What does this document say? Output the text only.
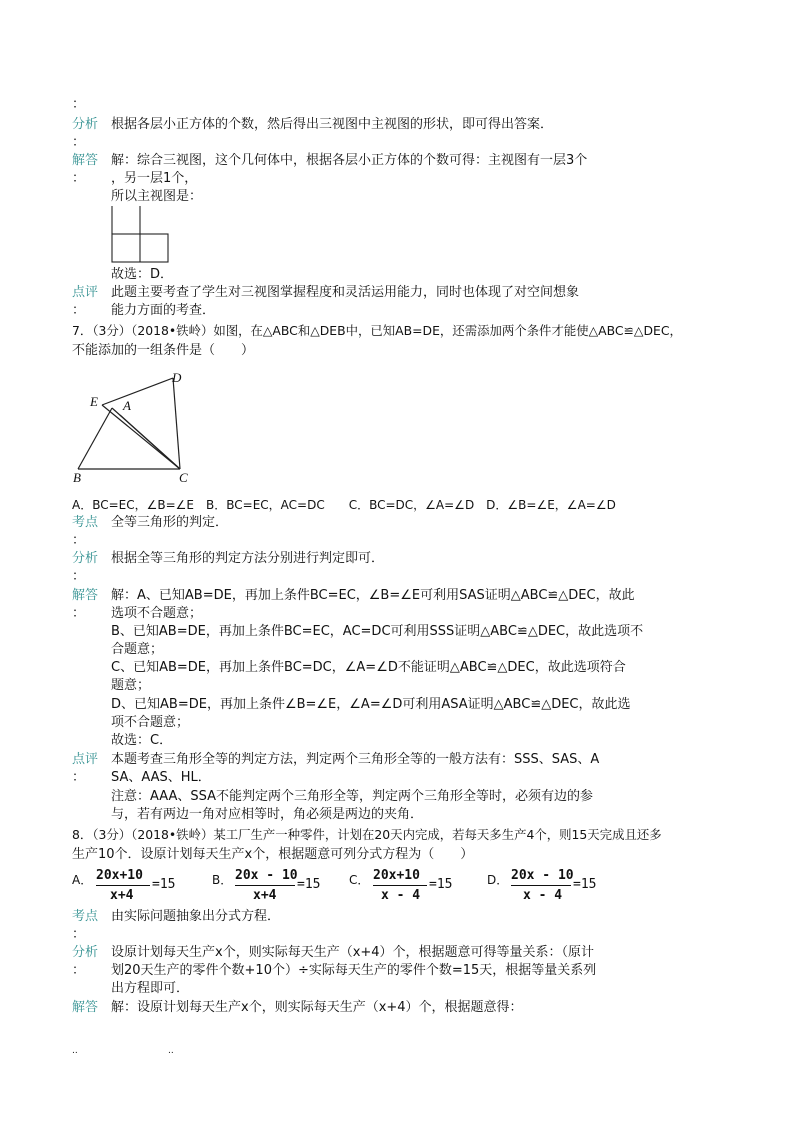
：
分析 根据各层小正方体的个数，然后得出三视图中主视图的形状，即可得出答案．
：
解答 解：综合三视图，这个几何体中，根据各层小正方体的个数可得：主视图有一层3个
： ，另一层1个，
所以主视图是：
故选：D．
点评 此题主要考查了学生对三视图掌握程度和灵活运用能力，同时也体现了对空间想象
： 能力方面的考查．
7．（3分）（2018•铁岭）如图，在△ABC和△DEB中，已知AB=DE，还需添加两个条件才能使△ABC≌△DEC，
不能添加的一组条件是（　　）
D
E A
B	C
A．BC=EC，∠B=∠E　B．BC=EC，AC=DC　　C．BC=DC，∠A=∠D　D．∠B=∠E，∠A=∠D
考点 全等三角形的判定．
：
分析 根据全等三角形的判定方法分别进行判定即可．
：
解答 解：A、已知AB=DE，再加上条件BC=EC，∠B=∠E可利用SAS证明△ABC≌△DEC，故此
： 选项不合题意；
B、已知AB=DE，再加上条件BC=EC，AC=DC可利用SSS证明△ABC≌△DEC，故此选项不
合题意；
C、已知AB=DE，再加上条件BC=DC，∠A=∠D不能证明△ABC≌△DEC，故此选项符合
题意；
D、已知AB=DE，再加上条件∠B=∠E，∠A=∠D可利用ASA证明△ABC≌△DEC，故此选
项不合题意；
故选：C．
点评 本题考查三角形全等的判定方法，判定两个三角形全等的一般方法有：SSS、SAS、A
： SA、AAS、HL．
注意：AAA、SSA不能判定两个三角形全等，判定两个三角形全等时，必须有边的参
与，若有两边一角对应相等时，角必须是两边的夹角．
8．（3分）（2018•铁岭）某工厂生产一种零件，计划在20天内完成，若每天多生产4个，则15天完成且还多
生产10个．设原计划每天生产x个，根据题意可列分式方程为（　　）
A． 20x+10
x+4
=15	B． 20x - 10
x+4
=15 C． 20x+10
x - 4
=15	D． 20x - 10
x - 4
=15
考点 由实际问题抽象出分式方程．
：
分析 设原计划每天生产x个，则实际每天生产（x+4）个，根据题意可得等量关系：（原计
： 划20天生产的零件个数+10个）÷实际每天生产的零件个数=15天，根据等量关系列
出方程即可．
解答 解：设原计划每天生产x个，则实际每天生产（x+4）个，根据题意得：
..	..
